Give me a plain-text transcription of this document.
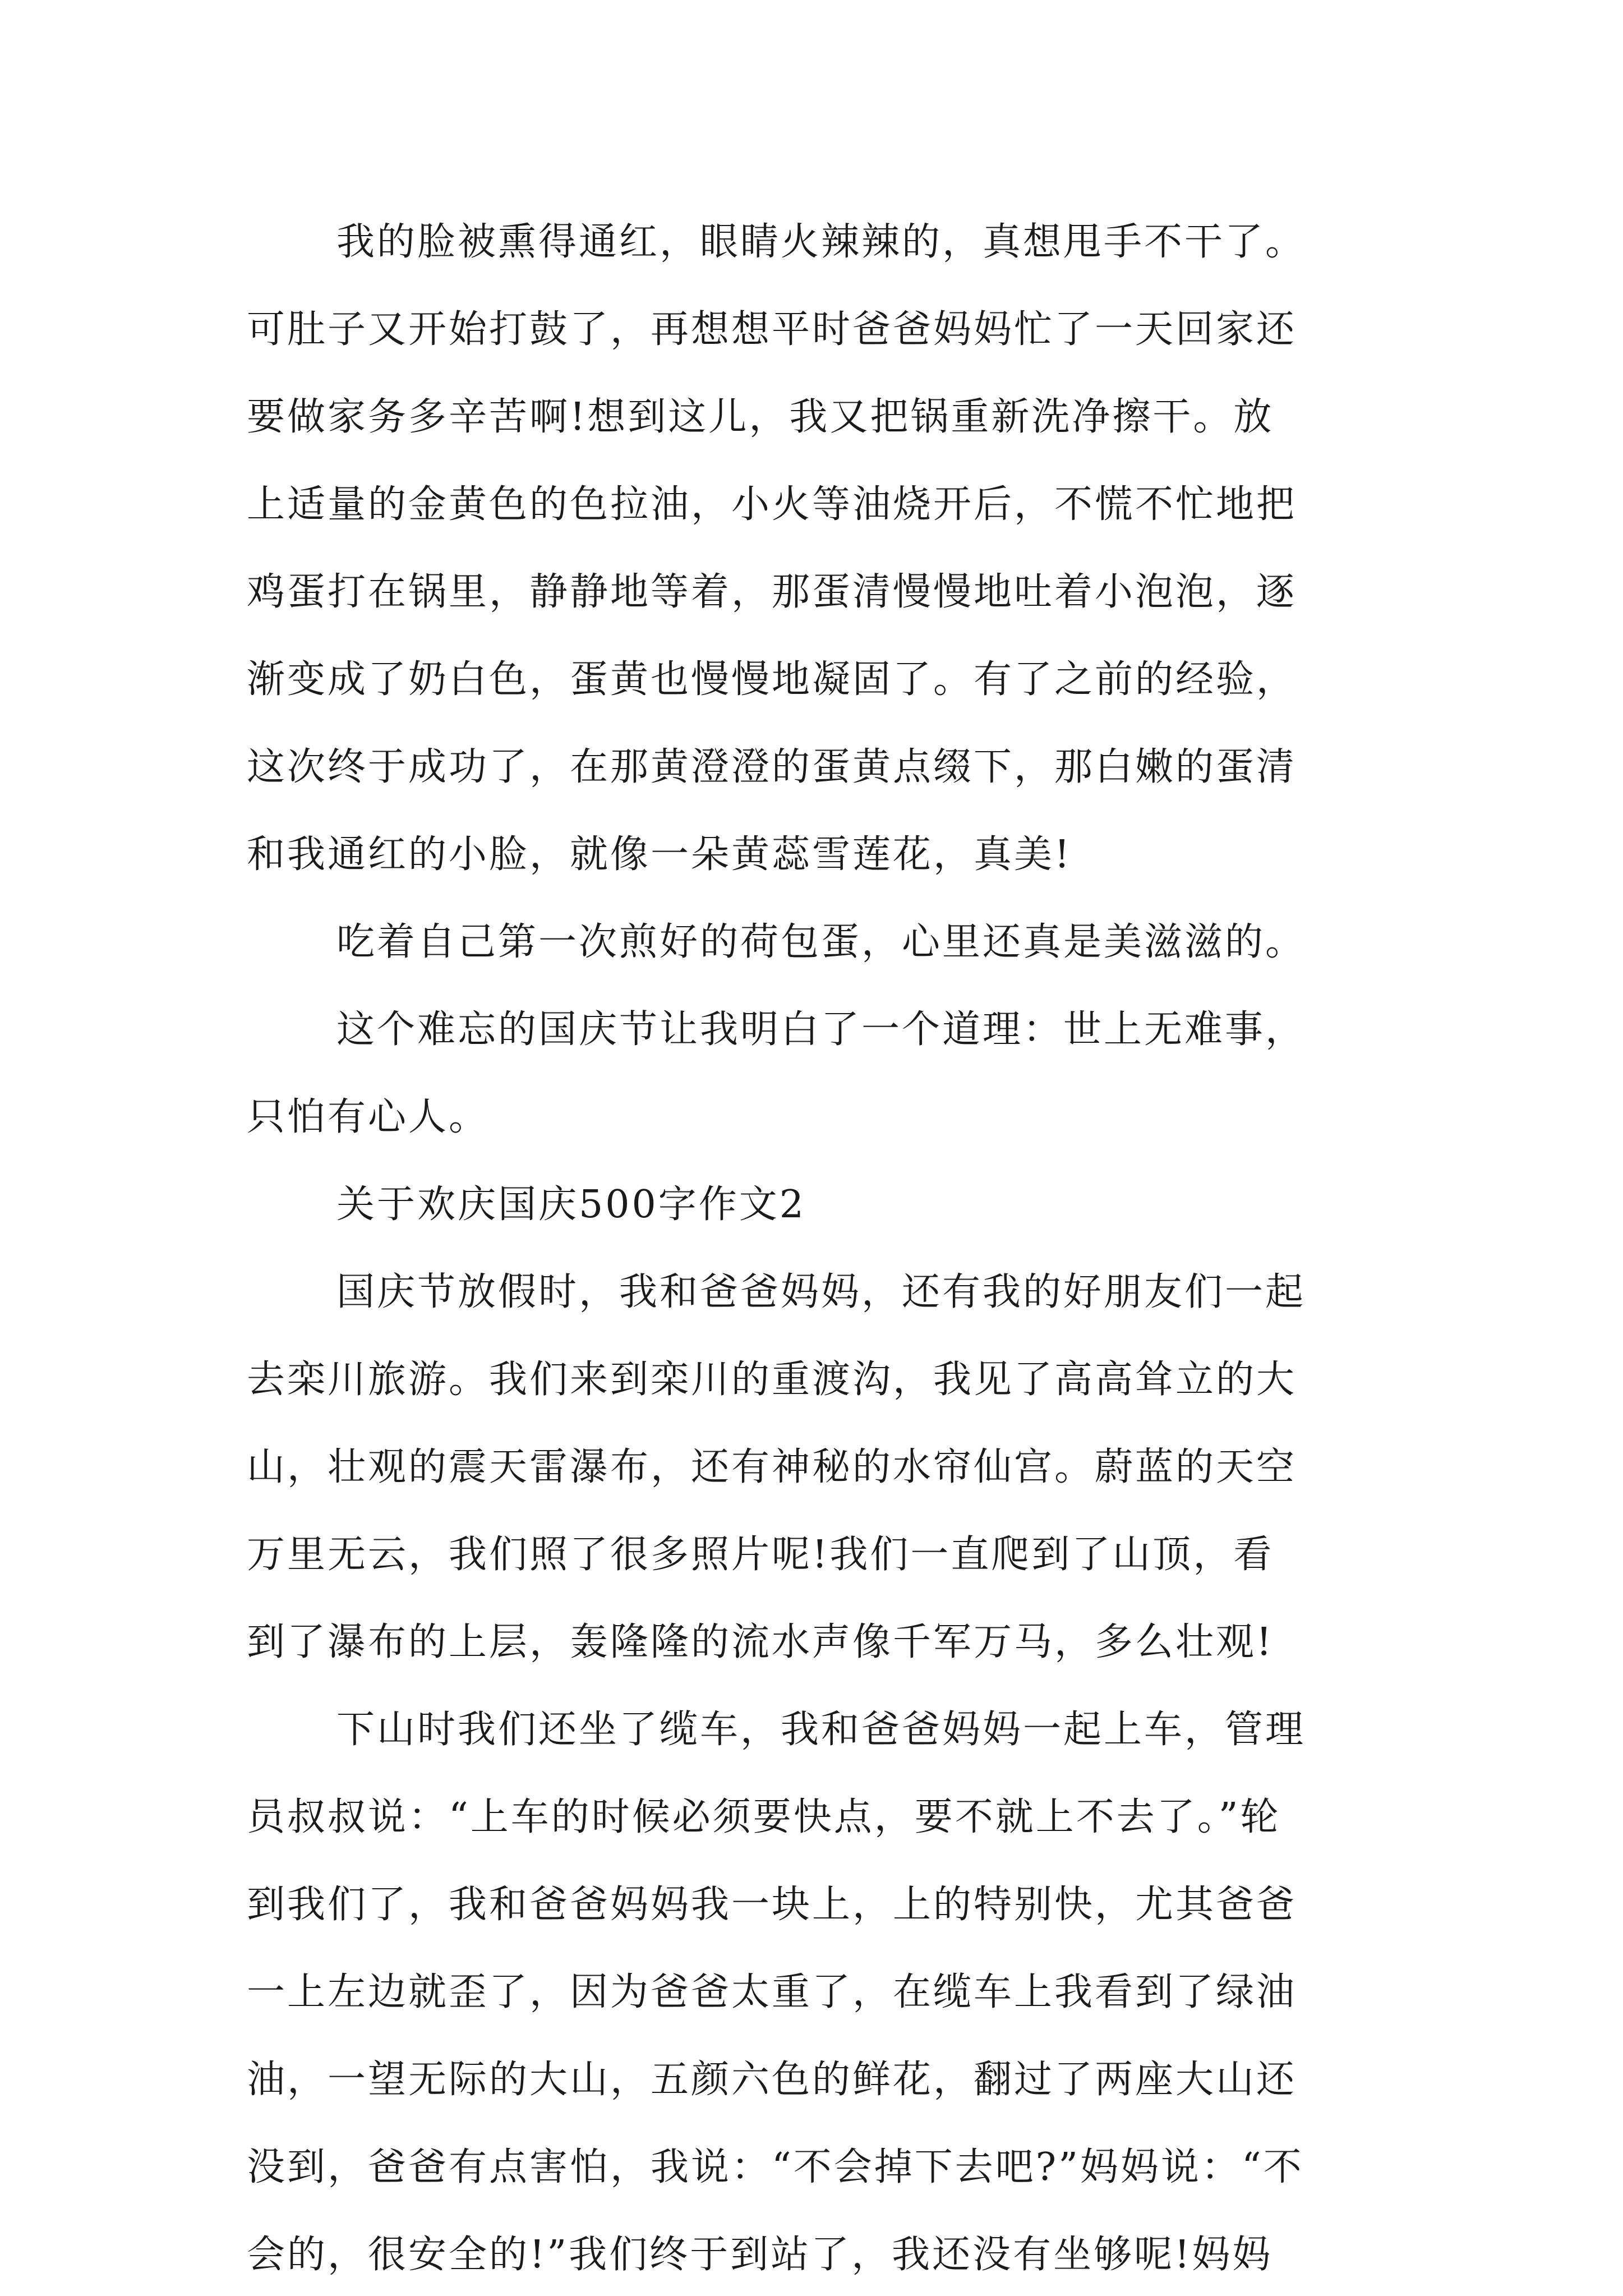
我的脸被熏得通红，眼睛火辣辣的，真想甩手不干了。
可肚子又开始打鼓了，再想想平时爸爸妈妈忙了一天回家还
要做家务多辛苦啊!想到这儿，我又把锅重新洗净擦干。放
上适量的金黄色的色拉油，小火等油烧开后，不慌不忙地把
鸡蛋打在锅里，静静地等着，那蛋清慢慢地吐着小泡泡，逐
渐变成了奶白色，蛋黄也慢慢地凝固了。有了之前的经验，
这次终于成功了，在那黄澄澄的蛋黄点缀下，那白嫩的蛋清
和我通红的小脸，就像一朵黄蕊雪莲花，真美!
吃着自己第一次煎好的荷包蛋，心里还真是美滋滋的。
这个难忘的国庆节让我明白了一个道理：世上无难事，
只怕有心人。
关于欢庆国庆500字作文2
国庆节放假时，我和爸爸妈妈，还有我的好朋友们一起
去栾川旅游。我们来到栾川的重渡沟，我见了高高耸立的大
山，壮观的震天雷瀑布，还有神秘的水帘仙宫。蔚蓝的天空
万里无云，我们照了很多照片呢!我们一直爬到了山顶，看
到了瀑布的上层，轰隆隆的流水声像千军万马，多么壮观!
下山时我们还坐了缆车，我和爸爸妈妈一起上车，管理
员叔叔说：“上车的时候必须要快点，要不就上不去了。”轮
到我们了，我和爸爸妈妈我一块上，上的特别快，尤其爸爸
一上左边就歪了，因为爸爸太重了，在缆车上我看到了绿油
油，一望无际的大山，五颜六色的鲜花，翻过了两座大山还
没到，爸爸有点害怕，我说：“不会掉下去吧?”妈妈说：“不
会的，很安全的!”我们终于到站了，我还没有坐够呢!妈妈
